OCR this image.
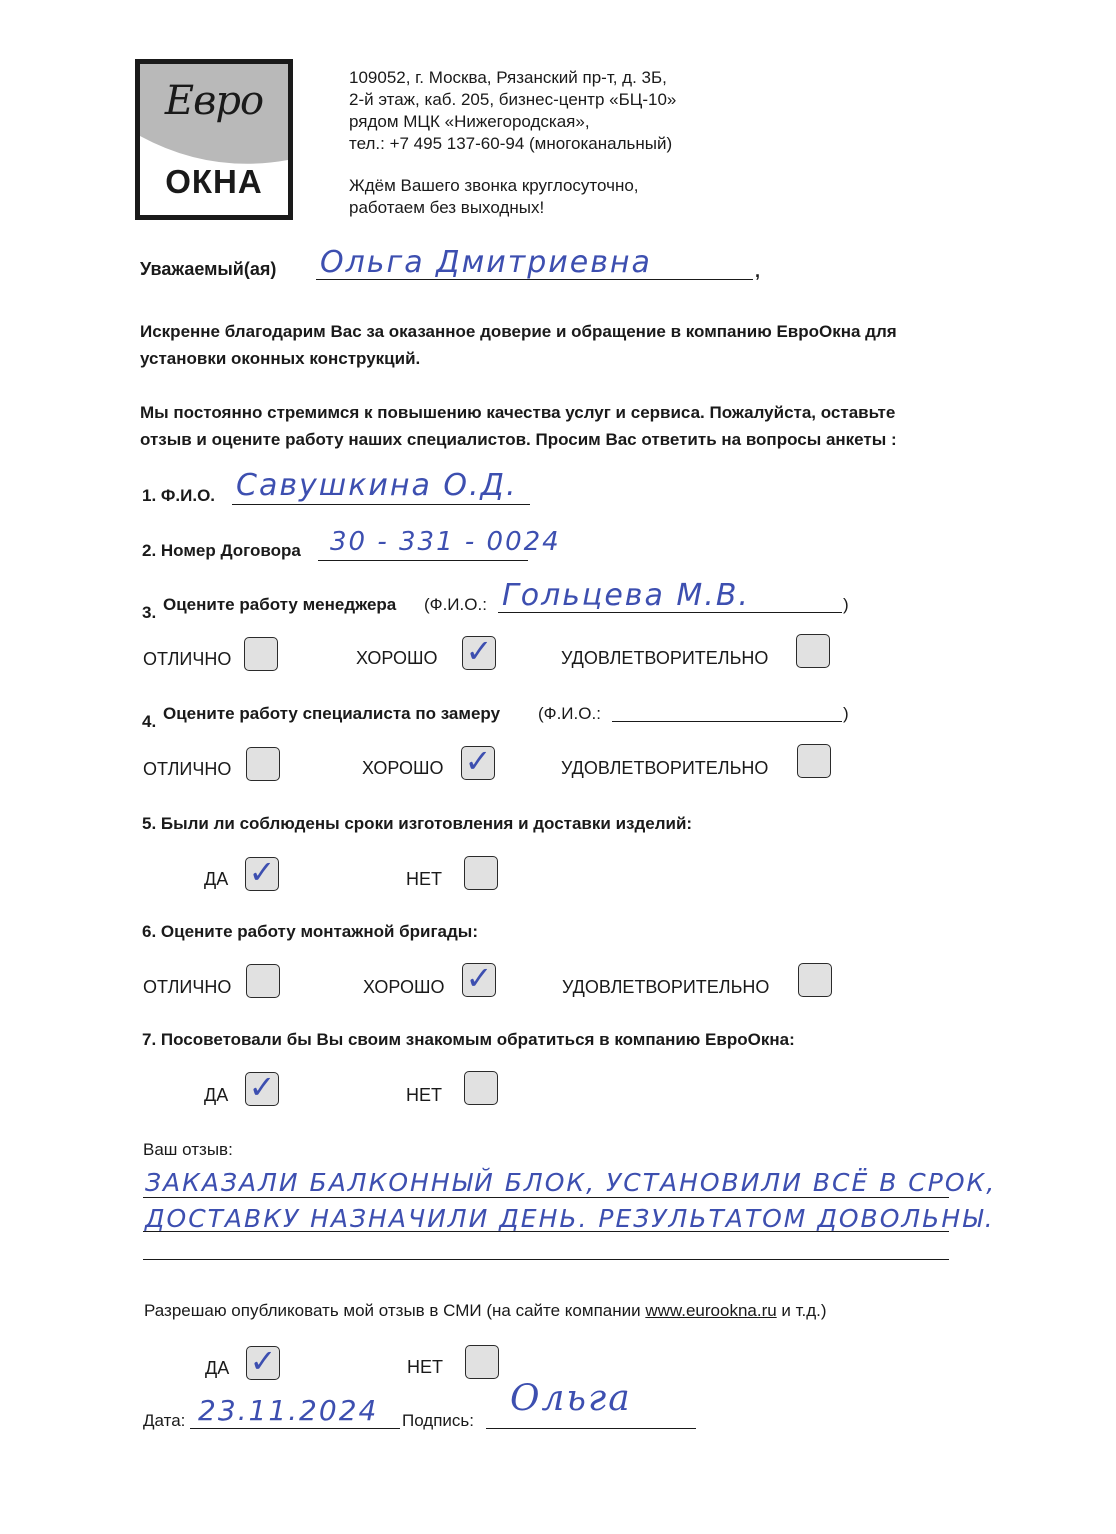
Евро
ОКНА
109052, г. Москва, Рязанский пр-т, д. 3Б,
2-й этаж, каб. 205, бизнес-центр «БЦ-10»
рядом МЦК «Нижегородская»,
тел.: +7 495 137-60-94 (многоканальный)
Ждём Вашего звонка круглосуточно,
работаем без выходных!
Уважаемый(ая) Ольга Дмитриевна	,
Искренне благодарим Вас за оказанное доверие и обращение в компанию ЕвроОкна для
установки оконных конструкций.
Мы постоянно стремимся к повышению качества услуг и сервиса. Пожалуйста, оставьте
отзыв и оцените работу наших специалистов. Просим Вас ответить на вопросы анкеты :
1. Ф.И.О. Савушкина О.Д.
2. Номер Договора 30 - 331 - 0024
3. Оцените работу менеджера (Ф.И.О.: Гольцева М.В.	)
ОТЛИЧНО	ХОРОШО ✓	УДОВЛЕТВОРИТЕЛЬНО
4. Оцените работу специалиста по замеру (Ф.И.О.:	)
ОТЛИЧНО	ХОРОШО ✓	УДОВЛЕТВОРИТЕЛЬНО
5. Были ли соблюдены сроки изготовления и доставки изделий:
ДА ✓	НЕТ
6. Оцените работу монтажной бригады:
ОТЛИЧНО	ХОРОШО ✓	УДОВЛЕТВОРИТЕЛЬНО
7. Посоветовали бы Вы своим знакомым обратиться в компанию ЕвроОкна:
ДА ✓	НЕТ
Ваш отзыв:
ЗАКАЗАЛИ БАЛКОННЫЙ БЛОК, УСТАНОВИЛИ ВСЁ В СРОК,
ДОСТАВКУ НАЗНАЧИЛИ ДЕНЬ. РЕЗУЛЬТАТОМ ДОВОЛЬНЫ.
Разрешаю опубликовать мой отзыв в СМИ (на сайте компании www.eurookna.ru и т.д.)
ДА ✓	НЕТ
Дата: 23.11.2024 Подпись:
Ольга
